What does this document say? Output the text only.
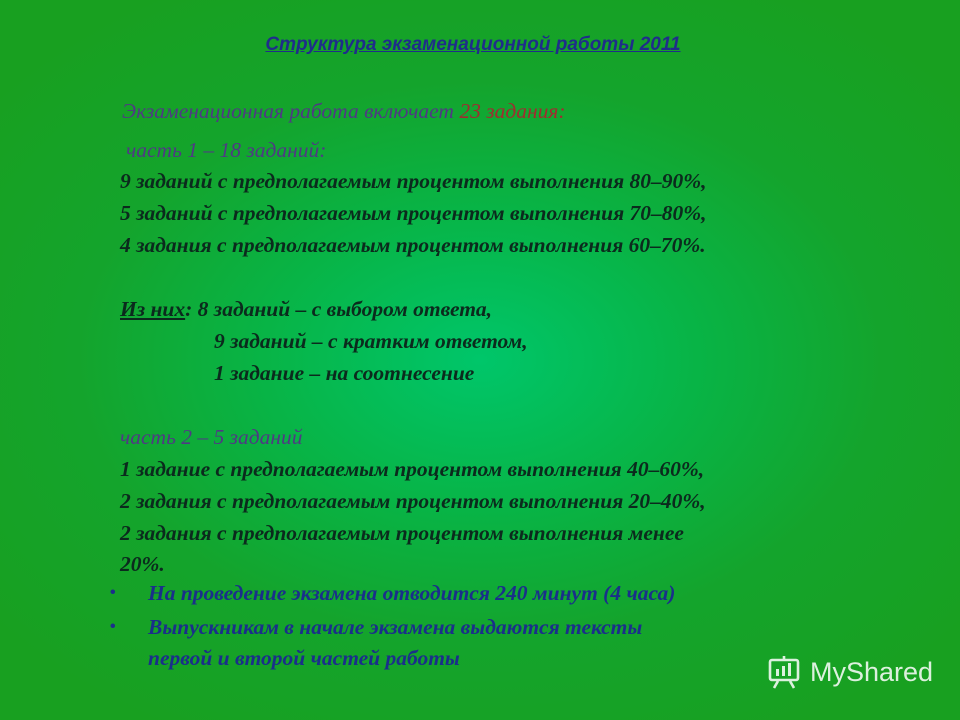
Структура экзаменационной работы 2011
Экзаменационная работа включает 23 задания:
часть 1 – 18 заданий:
9 заданий с предполагаемым процентом выполнения 80–90%,
5 заданий с предполагаемым процентом выполнения 70–80%,
4 задания с предполагаемым процентом выполнения 60–70%.
Из них: 8 заданий – с выбором ответа,
9 заданий – с кратким ответом,
1 задание – на соотнесение
часть 2 – 5 заданий
1 задание с предполагаемым процентом выполнения 40–60%,
2 задания с предполагаемым процентом выполнения 20–40%,
2 задания с предполагаемым процентом выполнения менее
20%.
• На проведение экзамена отводится 240 минут (4 часа)
• Выпускникам в начале экзамена выдаются тексты
первой и второй частей работы	MyShared
